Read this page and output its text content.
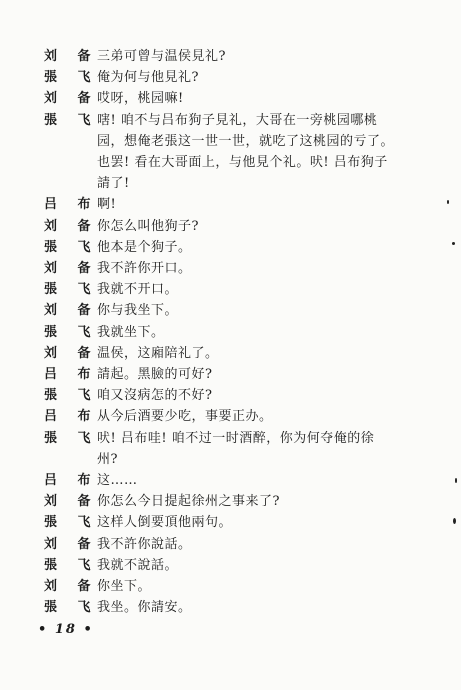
刘 备
三弟可曾与温侯見礼?
張 飞
俺为何与他見礼?
刘 备
哎呀，桃园嘛!
張 飞
嗐! 咱不与吕布狗子見礼，大哥在一旁桃园哪桃
园，想俺老張这一世一世，就吃了这桃园的亏了。
也罢! 看在大哥面上，与他見个礼。吠! 吕布狗子
請了!
吕 布
啊!
刘 备
你怎么叫他狗子?
張 飞
他本是个狗子。
刘 备
我不許你开口。
張 飞
我就不开口。
刘 备
你与我坐下。
張 飞
我就坐下。
刘 备
温侯，这廂陪礼了。
吕 布
請起。黑臉的可好?
張 飞
咱又沒病怎的不好?
吕 布
从今后酒要少吃，事要正办。
張 飞
吠! 吕布哇! 咱不过一时酒醉，你为何夺俺的徐
州?
吕 布
这……
刘 备
你怎么今日提起徐州之事来了?
張 飞
这样人倒要頂他兩句。
刘 备
我不許你說話。
張 飞
我就不說話。
刘 备
你坐下。
張 飞
我坐。你請安。
• 18 •
